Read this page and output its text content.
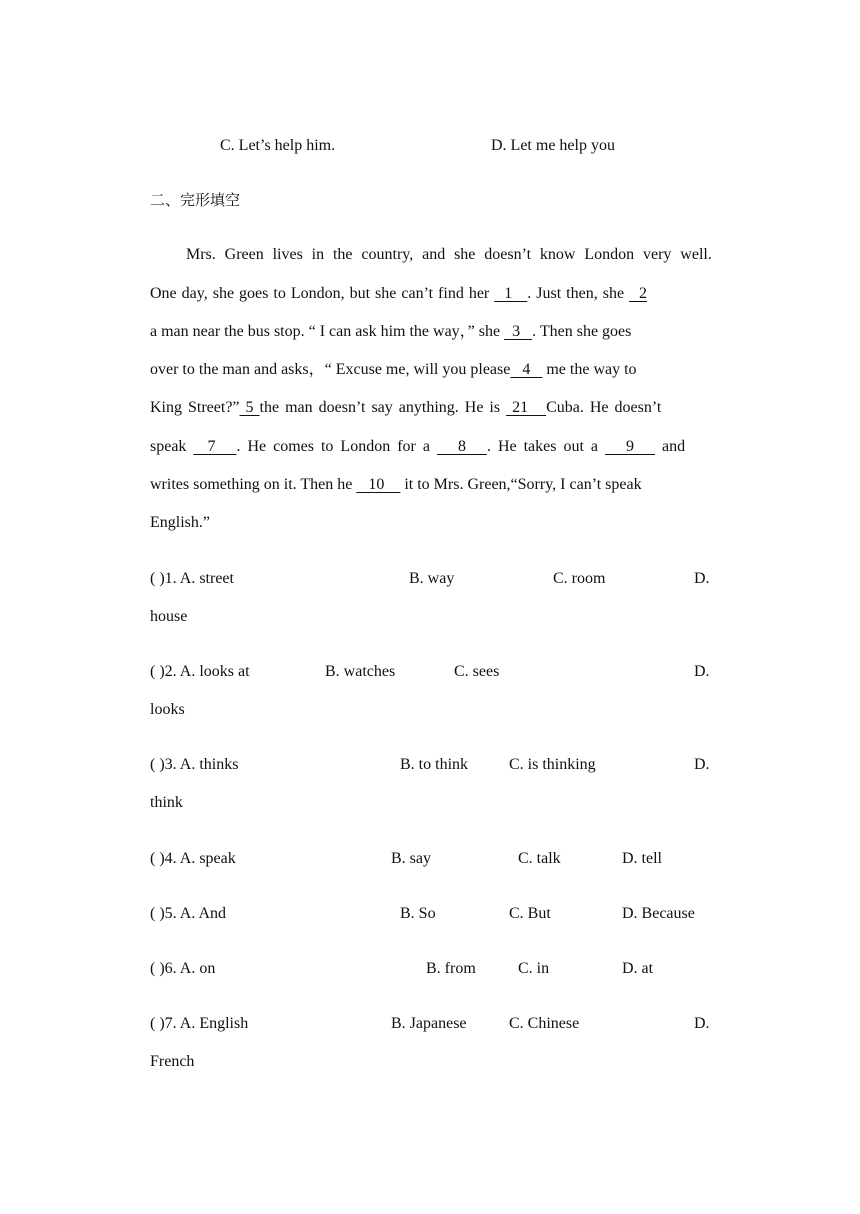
C. Let’s help him.	D. Let me help you
二、完形填空
Mrs. Green lives in the country, and she doesn’t know London very well.
One day, she goes to London, but she can’t find her   1   . Just then, she   2
a man near the bus stop. “ I can ask him the way，” she   3   . Then she goes
over to the man and asks，“ Excuse me, will you please   4    me the way to
King Street?” 5 the man doesn’t say anything. He is  21   Cuba. He doesn’t
speak   7   . He comes to London for a    8   . He takes out a    9    and
writes something on it. Then he    10     it to Mrs. Green,“Sorry, I can’t speak
English.”
( )1. A. street	B. way	C. room	D.
house
( )2. A. looks at	B. watches	C. sees	D.
looks
( )3. A. thinks	B. to think	C. is thinking	D.
think
( )4. A. speak	B. say	C. talk	D. tell
( )5. A. And	B. So	C. But	D. Because
( )6. A. on	B. from	C. in	D. at
( )7. A. English	B. Japanese	C. Chinese	D.
French
